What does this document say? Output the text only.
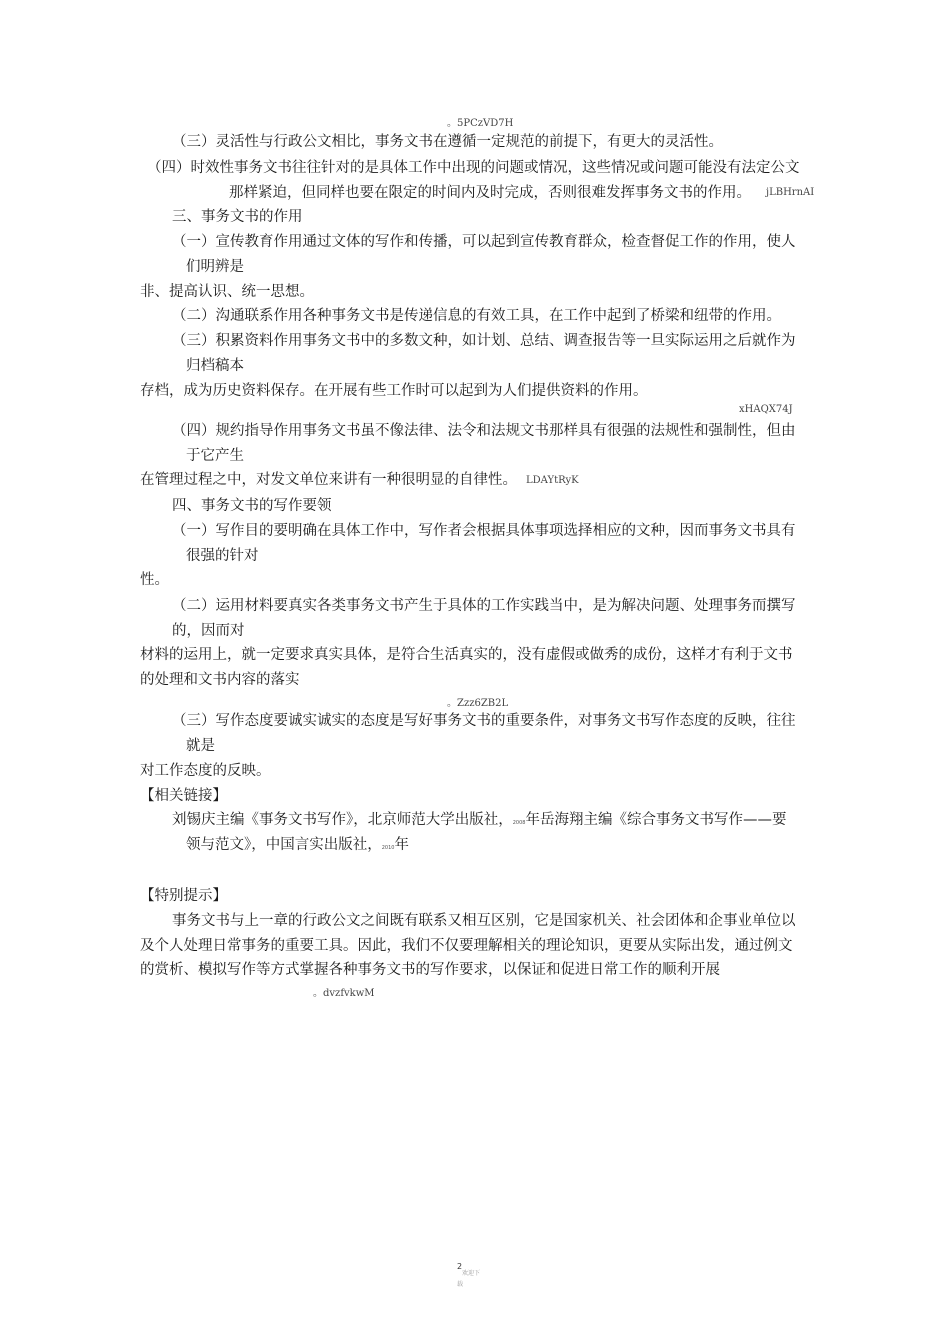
。5PCzVD7H
（三）灵活性与行政公文相比，事务文书在遵循一定规范的前提下，有更大的灵活性。
（四）时效性事务文书往往针对的是具体工作中出现的问题或情况，这些情况或问题可能没有法定公文
那样紧迫，但同样也要在限定的时间内及时完成，否则很难发挥事务文书的作用。 jLBHrnAI
三、事务文书的作用
（一）宣传教育作用通过文体的写作和传播，可以起到宣传教育群众，检查督促工作的作用，使人
们明辨是
非、提高认识、统一思想。
（二）沟通联系作用各种事务文书是传递信息的有效工具，在工作中起到了桥梁和纽带的作用。
（三）积累资料作用事务文书中的多数文种，如计划、总结、调查报告等一旦实际运用之后就作为
归档稿本
存档，成为历史资料保存。在开展有些工作时可以起到为人们提供资料的作用。
xHAQX74J
（四）规约指导作用事务文书虽不像法律、法令和法规文书那样具有很强的法规性和强制性，但由
于它产生
在管理过程之中，对发文单位来讲有一种很明显的自律性。 LDAYtRyK
四、事务文书的写作要领
（一）写作目的要明确在具体工作中，写作者会根据具体事项选择相应的文种，因而事务文书具有
很强的针对
性。
（二）运用材料要真实各类事务文书产生于具体的工作实践当中，是为解决问题、处理事务而撰写
的，因而对
材料的运用上，就一定要求真实具体，是符合生活真实的，没有虚假或做秀的成份，这样才有利于文书
的处理和文书内容的落实
。Zzz6ZB2L
（三）写作态度要诚实诚实的态度是写好事务文书的重要条件，对事务文书写作态度的反映，往往
就是
对工作态度的反映。
【相关链接】
刘锡庆主编《事务文书写作》，北京师范大学出版社，2008年岳海翔主编《综合事务文书写作——要
领与范文》，中国言实出版社，2010年
【特别提示】
事务文书与上一章的行政公文之间既有联系又相互区别，它是国家机关、社会团体和企事业单位以
及个人处理日常事务的重要工具。因此，我们不仅要理解相关的理论知识，更要从实际出发，通过例文
的赏析、模拟写作等方式掌握各种事务文书的写作要求，以保证和促进日常工作的顺利开展
。dvzfvkwM
2
欢迎下
载
